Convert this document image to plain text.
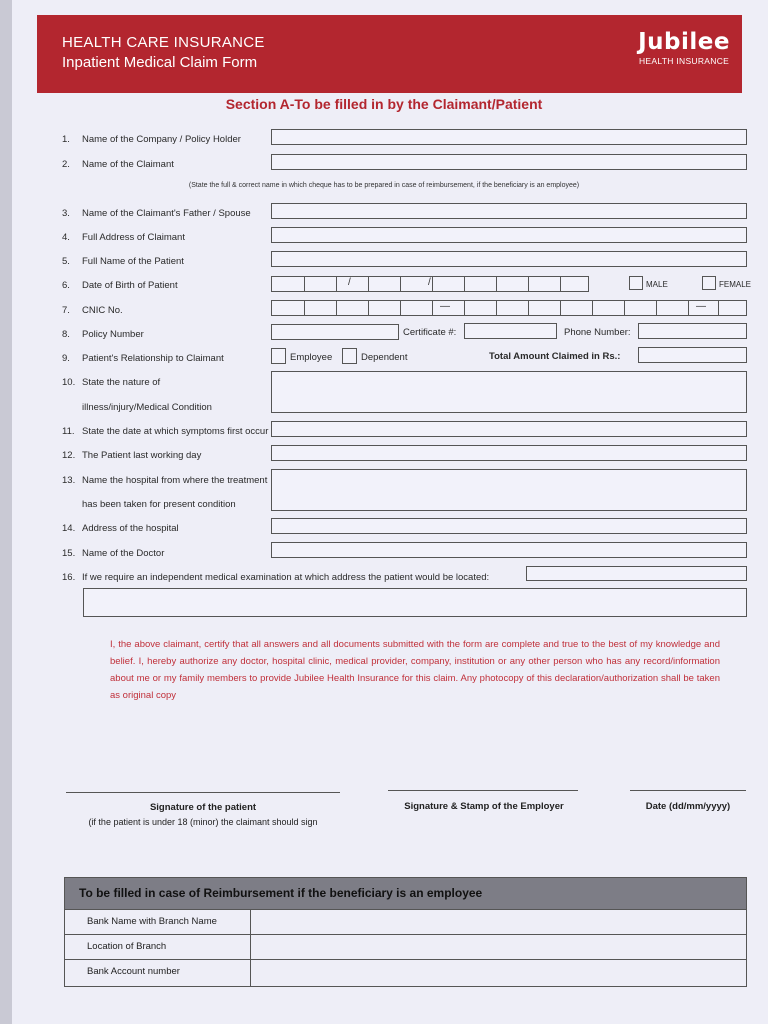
HEALTH CARE INSURANCE
Inpatient Medical Claim Form
Jubilee
HEALTH INSURANCE
Section A-To be filled in by the Claimant/Patient
1. Name of the Company / Policy Holder
2. Name of the Claimant
(State the full & correct name in which cheque has to be prepared in case of reimbursement, if the beneficiary is an employee)
3. Name of the Claimant's Father / Spouse
4. Full Address of Claimant
5. Full Name of the Patient
6. Date of Birth of Patient	/	/	MALE	FEMALE
7. CNIC No.	—	—
8. Policy Number	Certificate #:	Phone Number:
9. Patient's Relationship to Claimant	Employee	Dependent	Total Amount Claimed in Rs.:
10. State the nature of
illness/injury/Medical Condition
11. State the date at which symptoms first occur
12. The Patient last working day
13. Name the hospital from where the treatment
has been taken for present condition
14. Address of the hospital
15. Name of the Doctor
16. If we require an independent medical examination at which address the patient would be located:
I, the above claimant, certify that all answers and all documents submitted with the form are complete and true to the best of my knowledge and belief. I, hereby authorize any doctor, hospital clinic, medical provider, company, institution or any other person who has any record/information about me or my family members to provide Jubilee Health Insurance for this claim. Any photocopy of this declaration/authorization shall be taken as original copy
Signature of the patient
(if the patient is under 18 (minor) the claimant should sign
Signature & Stamp of the Employer	Date (dd/mm/yyyy)
To be filled in case of Reimbursement if the beneficiary is an employee
Bank Name with Branch Name
Location of Branch
Bank Account number
